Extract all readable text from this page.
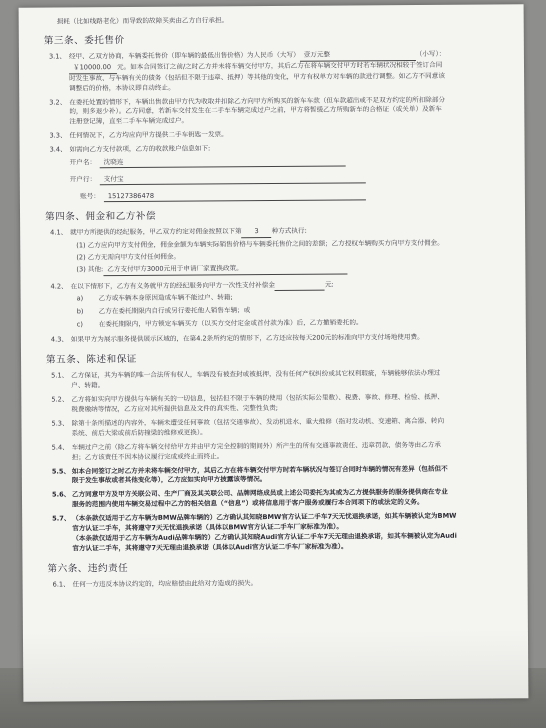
损耗（比如线路老化）而导致的故障买卖由乙方自行承担。
第三条、委托售价
3.1、 经甲、乙双方协商，车辆委托售价（即车辆的最低出售价格）为人民币（大写） 壹万元整	（小写）：
￥10000.00 元。如本合同签订之前/之时乙方并未将车辆交付甲方，其后乙方在将车辆交付甲方时若车辆状况相较于签订合同
时发生事故、与车辆有关的债务（包括但不限于违章、抵押）等其他的变化，甲方有权单方对车辆的款进行调整。如乙方不同意该
调整后的价格，本协议即自动终止。
3.2、 在委托处置的情形下，车辆出售款由甲方代为收取并扣除乙方向甲方所购买的新车车款（但车款超出或不足双方约定的所扣除部分
的，则多退少补）。乙方同意，若新车交付发生在二手车车辆完成过户之前，甲方将暂缓乙方所购新车的合格证（或关单）及新车
注册登记簿，直至二手车车辆完成过户。
3.3、 任何情况下，乙方均应向甲方提供二手车钥匙一发票。
3.4、 如需向乙方支付款项，乙方的收款账户信息如下:
开户名：	沈晓连
开户行：	支付宝
账号：	15127386478
第四条、佣金和乙方补偿
4.1、 就甲方所提供的经纪服务，甲乙双方约定对佣金按照以下第 3 种方式执行:
(1) 乙方应向甲方支付佣金，佣金金额为车辆实际销售价格与车辆委托售价之间的差额；乙方授权车辆购买方向甲方支付佣金。
(2) 乙方无需向甲方支付任何佣金。
(3) 其他: 乙方支付甲方3000元用于申请厂家置换政策。
4.2、 在以下情形下，乙方有义务就甲方的经纪服务向甲方一次性支付补偿金	元:
a) 乙方或车辆本身原因造成车辆不能过户、转籍;
b) 乙方在委托期限内自行或另行委托他人销售车辆；或
c) 在委托期限内，甲方锁定车辆买方（以买方交付定金或首付款为准）后，乙方撤销委托的。
4.3、 如果甲方为展示服务提供展示区域的，在第4.2条所约定的情形下，乙方还应按每天200元的标准向甲方支付场地使用费。
第五条、陈述和保证
5.1、 乙方保证，其为车辆的唯一合法所有权人，车辆没有被查封或被抵押，没有任何产权纠纷或其它权利瑕疵，车辆能够依法办理过
户、转籍。
5.2、 乙方将如实向甲方提供与车辆有关的一切信息，包括但不限于车辆的使用（包括实际公里数）、税费、事故、修理、检验、抵押、
税费缴纳等情况，乙方应对其所提供信息及文件的真实性、完整性负责;
5.3、 除第十条所描述的内容外，车辆未遭受任何事故（包括交通事故）、发动机进水、重大维修（指对发动机、变速箱、离合器、转向
系统、前后大梁或前后防撞梁的维修或更换）。
5.4、 车辆过户之前（除乙方将车辆交付给甲方并由甲方完全控制的期间外）所产生的所有交通事故责任、违章罚款、债务等由乙方承
担；乙方该责任不因本协议履行完成或终止而终止。
5.5、 如本合同签订之时乙方并未将车辆交付甲方，其后乙方在将车辆交付甲方时若车辆状况与签订合同时车辆的情况有差异（包括但不
限于发生事故或者其他变化等），乙方应如实向甲方披露该等情况。
5.6、 乙方同意甲方及甲方关联公司、生产厂商及其关联公司、品牌网络成员或上述公司委托为其或为乙方提供服务的服务提供商在专业
服务的范围内使用车辆交易过程中乙方的相关信息（“信息”）或将信息用于客户服务或履行本合同项下的或法定的义务。
5.7、 （本条款仅适用于乙方车辆为BMW品牌车辆的）乙方确认其知晓BMW官方认证二手车7天无忧退换承诺，如其车辆被认定为BMW
官方认证二手车，其将遵守7天无忧退换承诺（具体以BMW官方认证二手车厂家标准为准）。
（本条款仅适用于乙方车辆为Audi品牌车辆的）乙方确认其知晓Audi官方认证二手车7天无理由退换承诺，如其车辆被认定为Audi
官方认证二手车，其将遵守7天无理由退换承诺（具体以Audi官方认证二手车厂家标准为准）。
第六条、违约责任
6.1、 任何一方违反本协议约定的，均应赔偿由此给对方造成的损失。
